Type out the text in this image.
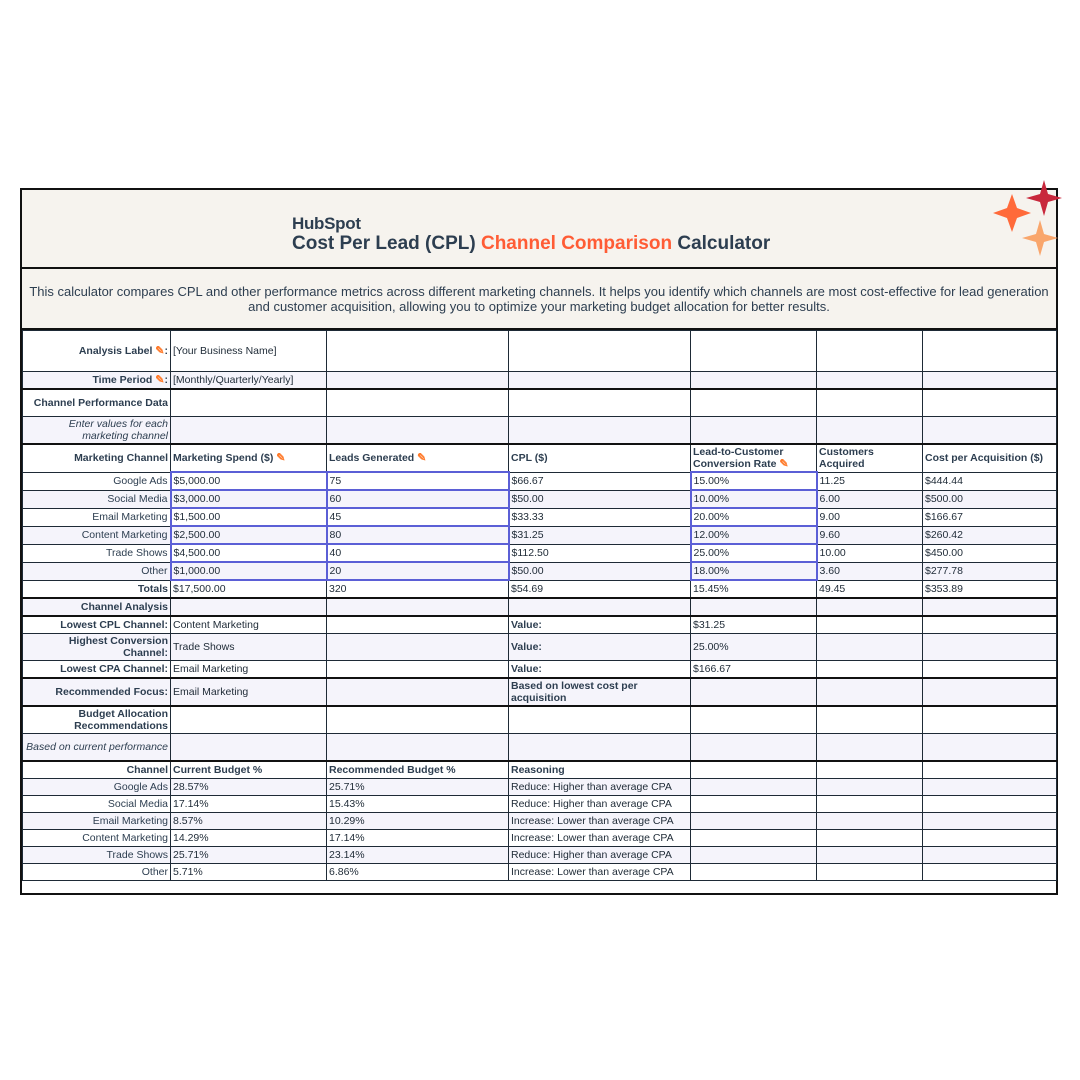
HubSpot
Cost Per Lead (CPL) Channel Comparison Calculator

This calculator compares CPL and other performance metrics across different marketing channels. It helps you identify which channels are most cost-effective for lead generation and customer acquisition, allowing you to optimize your marketing budget allocation for better results.

Analysis Label ✎:	[Your Business Name]					
Time Period ✎:	[Monthly/Quarterly/Yearly]					
Channel Performance Data						
Enter values for each marketing channel						
Marketing Channel	Marketing Spend ($) ✎	Leads Generated ✎	CPL ($)	Lead-to-Customer Conversion Rate ✎	Customers Acquired	Cost per Acquisition ($)
Google Ads	$5,000.00	75	$66.67	15.00%	11.25	$444.44
Social Media	$3,000.00	60	$50.00	10.00%	6.00	$500.00
Email Marketing	$1,500.00	45	$33.33	20.00%	9.00	$166.67
Content Marketing	$2,500.00	80	$31.25	12.00%	9.60	$260.42
Trade Shows	$4,500.00	40	$112.50	25.00%	10.00	$450.00
Other	$1,000.00	20	$50.00	18.00%	3.60	$277.78
Totals	$17,500.00	320	$54.69	15.45%	49.45	$353.89
Channel Analysis						
Lowest CPL Channel:	Content Marketing		Value:	$31.25		
Highest Conversion Channel:	Trade Shows		Value:	25.00%		
Lowest CPA Channel:	Email Marketing		Value:	$166.67		
Recommended Focus:	Email Marketing		Based on lowest cost per acquisition			
Budget Allocation Recommendations						
Based on current performance						
Channel	Current Budget %	Recommended Budget %	Reasoning			
Google Ads	28.57%	25.71%	Reduce: Higher than average CPA			
Social Media	17.14%	15.43%	Reduce: Higher than average CPA			
Email Marketing	8.57%	10.29%	Increase: Lower than average CPA			
Content Marketing	14.29%	17.14%	Increase: Lower than average CPA			
Trade Shows	25.71%	23.14%	Reduce: Higher than average CPA			
Other	5.71%	6.86%	Increase: Lower than average CPA			
